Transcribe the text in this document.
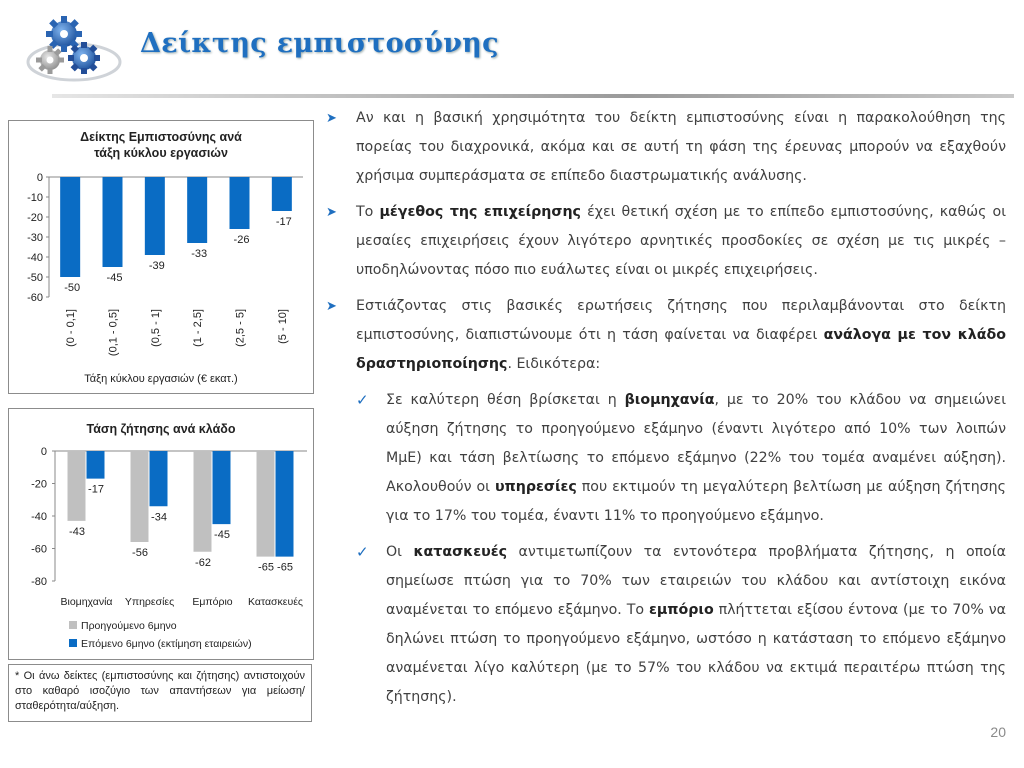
Δείκτης εμπιστοσύνης
Δείκτης Εμπιστοσύνης ανά
τάξη κύκλου εργασιών
0
-10
-20
-30
-40
-50
-60
-50
(0 - 0,1]
-45
(0,1 - 0,5]
-39
(0,5 - 1]
-33
(1 - 2,5]
-26
(2,5 - 5]
-17
(5 - 10]
Τάξη κύκλου εργασιών (€ εκατ.)
Τάση ζήτησης ανά κλάδο
0
-20
-40
-60
-80
-43
-17
Βιομηχανία
-56
-34
Υπηρεσίες
-62
-45
Εμπόριο
-65 -65
Κατασκευές
Προηγούμενο 6μηνο
Επόμενο 6μηνο (εκτίμηση εταιρειών)
* Οι άνω δείκτες (εμπιστοσύνης και ζήτησης) αντιστοιχούν στο καθαρό ισοζύγιο των απαντήσεων για μείωση/σταθερότητα/αύξηση.
➤ Αν και η βασική χρησιμότητα του δείκτη εμπιστοσύνης είναι η παρακολούθηση της πορείας του διαχρονικά, ακόμα και σε αυτή τη φάση της έρευνας μπορούν να εξαχθούν χρήσιμα συμπεράσματα σε επίπεδο διαστρωματικής ανάλυσης.
➤ Το μέγεθος της επιχείρησης έχει θετική σχέση με το επίπεδο εμπιστοσύνης, καθώς οι μεσαίες επιχειρήσεις έχουν λιγότερο αρνητικές προσδοκίες σε σχέση με τις μικρές – υποδηλώνοντας πόσο πιο ευάλωτες είναι οι μικρές επιχειρήσεις.
➤ Εστιάζοντας στις βασικές ερωτήσεις ζήτησης που περιλαμβάνονται στο δείκτη εμπιστοσύνης, διαπιστώνουμε ότι η τάση φαίνεται να διαφέρει ανάλογα με τον κλάδο δραστηριοποίησης. Ειδικότερα:
✓ Σε καλύτερη θέση βρίσκεται η βιομηχανία, με το 20% του κλάδου να σημειώνει αύξηση ζήτησης το προηγούμενο εξάμηνο (έναντι λιγότερο από 10% των λοιπών ΜμΕ) και τάση βελτίωσης το επόμενο εξάμηνο (22% του τομέα αναμένει αύξηση). Ακολουθούν οι υπηρεσίες που εκτιμούν τη μεγαλύτερη βελτίωση με αύξηση ζήτησης για το 17% του τομέα, έναντι 11% το προηγούμενο εξάμηνο.
✓ Οι κατασκευές αντιμετωπίζουν τα εντονότερα προβλήματα ζήτησης, η οποία σημείωσε πτώση για το 70% των εταιρειών του κλάδου και αντίστοιχη εικόνα αναμένεται το επόμενο εξάμηνο. Το εμπόριο πλήττεται εξίσου έντονα (με το 70% να δηλώνει πτώση το προηγούμενο εξάμηνο, ωστόσο η κατάσταση το επόμενο εξάμηνο αναμένεται λίγο καλύτερη (με το 57% του κλάδου να εκτιμά περαιτέρω πτώση της ζήτησης).
20
